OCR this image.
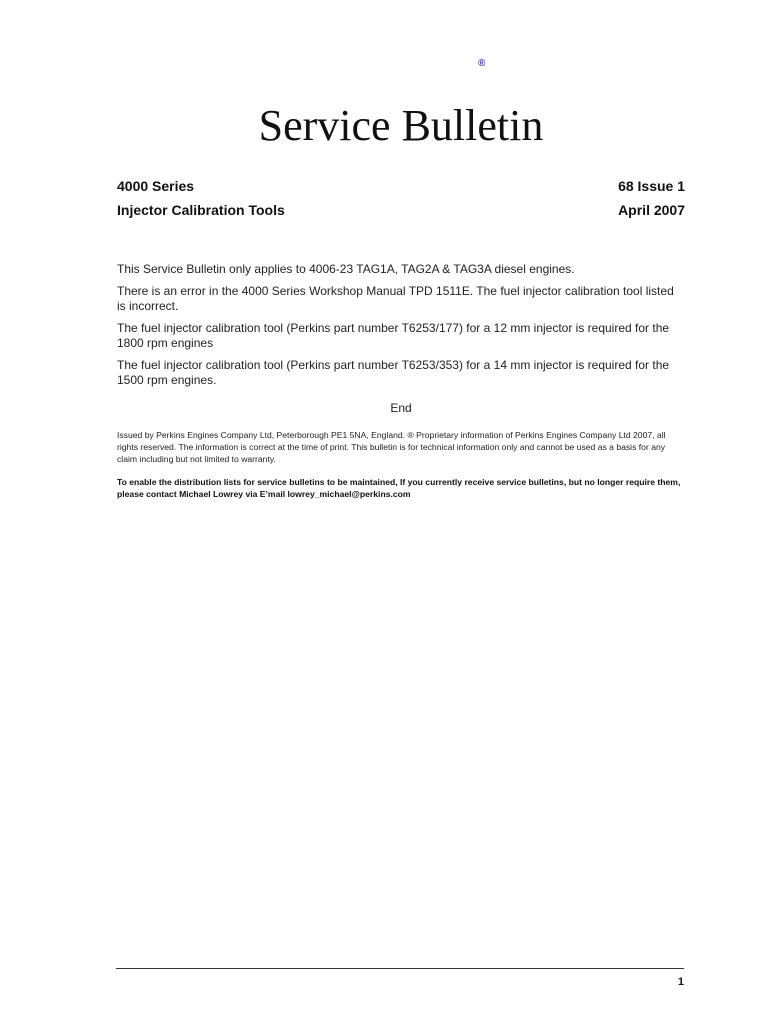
®
Service Bulletin
4000 Series	68 Issue 1
Injector Calibration Tools	April 2007

This Service Bulletin only applies to 4006-23 TAG1A, TAG2A & TAG3A diesel engines.

There is an error in the 4000 Series Workshop Manual TPD 1511E. The fuel injector calibration tool listed is incorrect.

The fuel injector calibration tool (Perkins part number T6253/177) for a 12 mm injector is required for the 1800 rpm engines

The fuel injector calibration tool (Perkins part number T6253/353) for a 14 mm injector is required for the 1500 rpm engines.

End
Issued by Perkins Engines Company Ltd, Peterborough PE1 5NA, England. ® Proprietary information of Perkins Engines Company Ltd 2007, all rights reserved. The information is correct at the time of print. This bulletin is for technical information only and cannot be used as a basis for any claim including but not limited to warranty.
To enable the distribution lists for service bulletins to be maintained, If you currently receive service bulletins, but no longer require them, please contact Michael Lowrey via E’mail lowrey_michael@perkins.com
1
